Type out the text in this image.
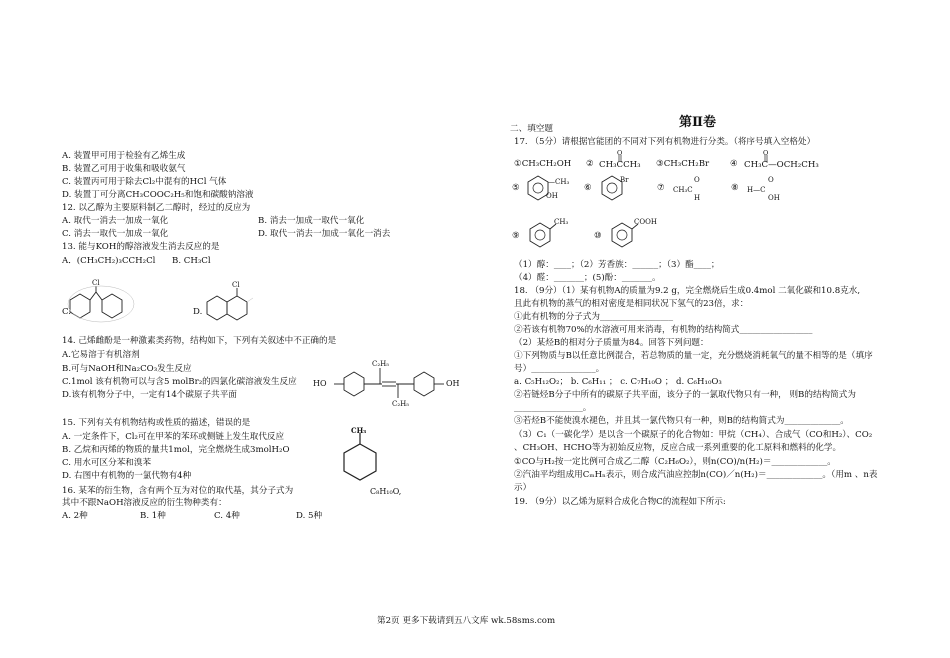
A. 装置甲可用于检验有乙烯生成
B. 装置乙可用于收集和吸收氨气
C. 装置丙可用于除去Cl₂中混有的HCl 气体
D. 装置丁可分离CH₃COOC₂H₅和饱和碳酸钠溶液
12. 以乙醇为主要原料制乙二醇时，经过的反应为
A. 取代一消去一加成一氧化	B. 消去一加成一取代一氧化
C. 消去一取代一加成一氧化	D. 取代一消去一加成一氧化一消去
13. 能与KOH的醇溶液发生消去反应的是
A．(CH₃CH₂)₃CCH₂Cl B. CH₃Cl
C.
Cl
D.
Cl
14. 己烯雌酚是一种激素类药物，结构如下，下列有关叙述中不正确的是
A.它易溶于有机溶剂
B.可与NaOH和Na₂CO₃发生反应
C.1mol 该有机物可以与含5 molBr₂的四氯化碳溶液发生反应
D.该有机物分子中，一定有14个碳原子共平面
HO	OH
C₂H₅
C₂H₅
15. 下列有关有机物结构或性质的描述，错误的是
A. 一定条件下，Cl₂可在甲苯的苯环或侧链上发生取代反应
B. 乙烷和丙烯的物质的量共1mol，完全燃烧生成3molH₂O
C. 用水可区分苯和溴苯
D. 右图中有机物的一氯代物有4种
CH₃
16. 某苯的衍生物，含有两个互为对位的取代基，其分子式为	C₈H₁₀O,
其中不跟NaOH溶液反应的衍生物种类有：
A. 2种	B. 1种	C. 4种	D. 5种
第Ⅱ卷
二、填空题
17. （5分）请根据官能团的不同对下列有机物进行分类。（将序号填入空格处）
①CH₃CH₂OH ② CH₃CCH₃
O
③CH₃CH₂Br ④ CH₃C—OCH₂CH₃
O
⑤
—CH₃
OH
⑥
Br
⑦ CH₃C
H
O
⑧ H—C
O
OH
⑨
CH₃
⑩
COOH
（1）醇：____；（2）芳香族：______；（3）酯____；
（4）醛：_______；(5)酚：_______。
18. （9分）（1）某有机物A的质量为9.2 g，完全燃烧后生成0.4mol 二氧化碳和10.8克水,
且此有机物的蒸气的相对密度是相同状况下氢气的23倍，求：
①此有机物的分子式为_________________
②若该有机物70%的水溶液可用来消毒，有机物的结构简式_________________
（2）某烃B的相对分子质量为84。回答下列问题：
①下列物质与B以任意比例混合，若总物质的量一定，充分燃烧消耗氧气的量不相等的是（填序
号）_______________。
a. C₅H₁₂O₂； b. C₆H₁₁ ； c. C₇H₁₀O ； d. C₆H₁₀O₃
②若链烃B分子中所有的碳原子共平面，该分子的一氯取代物只有一种， 则B的结构简式为
________________。
③若烃B不能使溴水褪色，并且其一氯代物只有一种，则B的结构简式为_____________。
（3）C₁（一碳化学）是以含一个碳原子的化合物如：甲烷（CH₄）、合成气（CO和H₂）、CO₂
、CH₃OH、HCHO等为初始反应物，反应合成一系列重要的化工原料和燃料的化学。
①CO与H₂按一定比例可合成乙二醇（C₂H₆O₂），则n(CO)/n(H₂)＝_____________。
②汽油平均组成用CₘHₙ表示，则合成汽油应控制n(CO)／n(H₂)＝_____________。（用m 、n表
示）
19. （9分）以乙烯为原料合成化合物C的流程如下所示:
第2页 更多下载请到五八文库 wk.58sms.com
